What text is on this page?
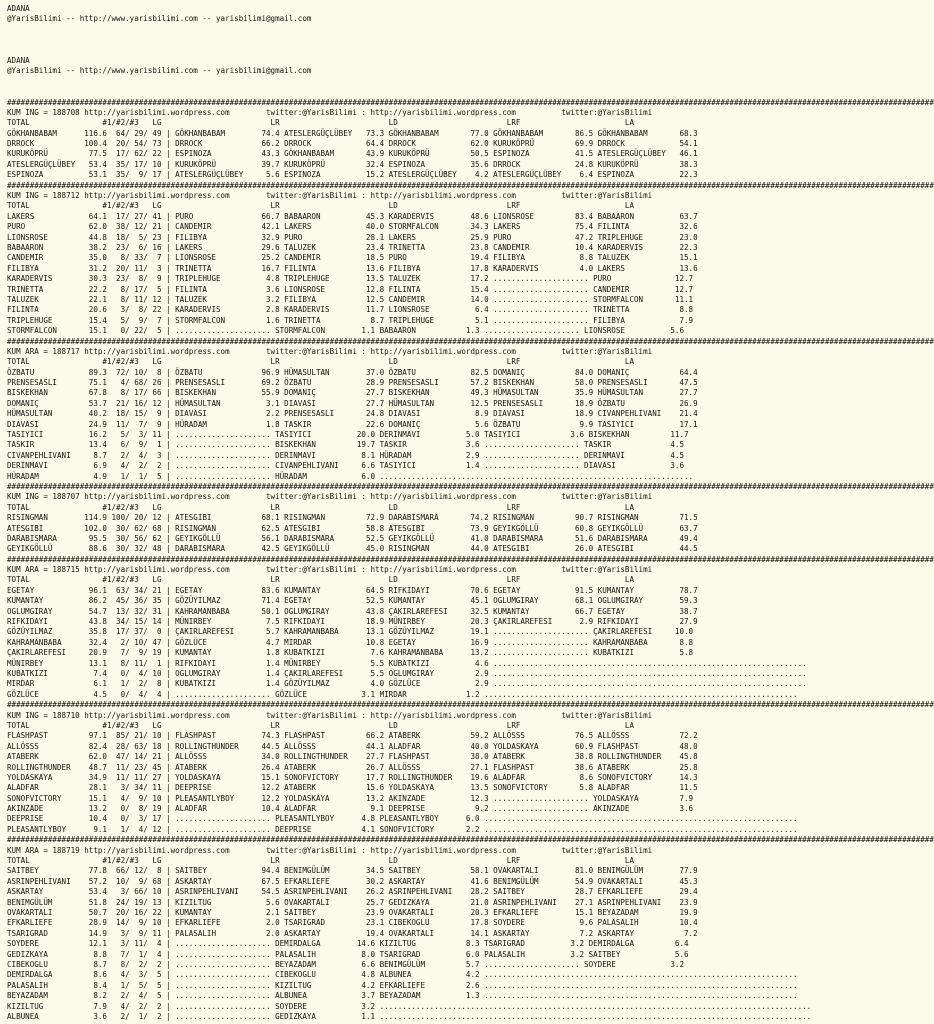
ADANA
@YarisBilimi -- http://www.yarisbilimi.com -- yarisbilimi@gmail.com
ADANA
@YarisBilimi -- http://www.yarisbilimi.com -- yarisbilimi@gmail.com
############################################################################################################################################################################################################
KUM ING = 188708 http://yarisbilimi.wordpress.com        twitter:@YarisBilimi : http://yarisbilimi.wordpress.com          twitter:@YarisBilimi
TOTAL                #1/#2/#3   LG                        LR                        LD                        LRF                       LA
GÖKHANBABAM      116.6  64/ 29/ 49 | GÖKHANBABAM        74.4 ATESLERGÜÇLÜBEY   73.3 GÖKHANBABAM       77.0 GÖKHANBABAM       86.5 GÖKHANBABAM       68.3
DRROCK           100.4  20/ 54/ 73 | DRROCK             66.2 DRROCK            64.4 DRROCK            62.0 KURUKÖPRÜ         69.9 DRROCK            54.1
KURUKÖPRÜ         77.5  17/ 62/ 22 | ESPINOZA           43.3 GÖKHANBABAM       43.9 KURUKÖPRÜ         50.5 ESPINOZA          41.5 ATESLERGÜÇLÜBEY   46.1
ATESLERGÜÇLÜBEY   53.4  35/ 17/ 10 | KURUKÖPRÜ          39.7 KURUKÖPRÜ         32.4 ESPINOZA          35.6 DRROCK            24.8 KURUKÖPRÜ         38.3
ESPINOZA          53.1  35/  9/ 17 | ATESLERGÜÇLÜBEY     5.6 ESPINOZA          15.2 ATESLERGÜÇLÜBEY    4.2 ATESLERGÜÇLÜBEY    6.4 ESPINOZA          22.3
############################################################################################################################################################################################################
KUM ING = 188712 http://yarisbilimi.wordpress.com        twitter:@YarisBilimi : http://yarisbilimi.wordpress.com          twitter:@YarisBilimi
TOTAL                #1/#2/#3   LG                        LR                        LD                        LRF                       LA
LAKERS            64.1  17/ 27/ 41 | PURO               66.7 BABAARON          45.3 KARADERVIS        48.6 LIONSROSE         83.4 BABAARON          63.7
PURO              62.0  38/ 12/ 21 | CANDEMIR           42.1 LAKERS            40.0 STORMFALCON       34.3 LAKERS            75.4 FILINTA           32.6
LIONSROSE         44.8  18/  5/ 23 | FILIBYA            32.9 PURO              28.1 LAKERS            25.9 PURO              47.2 TRIPLEHUGE        23.0
BABAARON          38.2  23/  6/ 16 | LAKERS             29.6 TALUZEK           23.4 TRINETTA          23.8 CANDEMIR          10.4 KARADERVIS        22.3
CANDEMIR          35.0   8/ 33/  7 | LIONSROSE          25.2 CANDEMIR          18.5 PURO              19.4 FILIBYA            8.8 TALUZEK           15.1
FILIBYA           31.2  20/ 11/  3 | TRINETTA           16.7 FILINTA           13.6 FILIBYA           17.8 KARADERVIS         4.0 LAKERS            13.6
KARADERVIS        30.3  23/  8/  9 | TRIPLEHUGE          4.8 TRIPLEHUGE        13.5 TALUZEK           17.2 ..................... PURO              12.7
TRINETTA          22.2   8/ 17/  5 | FILINTA             3.6 LIONSROSE         12.8 FILINTA           15.4 ..................... CANDEMIR          12.7
TALUZEK           22.1   8/ 11/ 12 | TALUZEK             3.2 FILIBYA           12.5 CANDEMIR          14.0 ..................... STORMFALCON       11.1
FILINTA           20.6   3/  8/ 22 | KARADERVIS          2.8 KARADERVIS        11.7 LIONSROSE          6.4 ..................... TRINETTA           8.8
TRIPLEHUGE        15.4   5/  9/  7 | STORMFALCON         1.6 TRINETTA           8.7 TRIPLEHUGE         5.1 ..................... FILIBYA            7.9
STORMFALCON       15.1   0/ 22/  5 | ..................... STORMFALCON        1.1 BABAARON           1.3 ..................... LIONSROSE          5.6
############################################################################################################################################################################################################
KUM ARA = 188717 http://yarisbilimi.wordpress.com        twitter:@YarisBilimi : http://yarisbilimi.wordpress.com          twitter:@YarisBilimi
TOTAL                #1/#2/#3   LG                        LR                        LD                        LRF                       LA
ÖZBATU            89.3  72/ 10/  8 | ÖZBATU             96.9 HÜMASULTAN        37.0 ÖZBATU            82.5 DOMANIÇ           84.0 DOMANIÇ           64.4
PRENSESASLI       75.1   4/ 68/ 26 | PRENSESASLI        69.2 ÖZBATU            28.9 PRENSESASLI       57.2 BISKEKHAN         58.0 PRENSESASLI       47.5
BISKEKHAN         67.8   8/ 17/ 66 | BISKEKHAN          55.9 DOMANIÇ           27.7 BISKEKHAN         49.3 HÜMASULTAN        35.9 HÜMASULTAN        27.7
DOMANIÇ           53.7  21/ 16/ 12 | HÜMASULTAN          3.1 DIAVASI           27.7 HÜMASULTAN        12.5 PRENSESASLI       18.9 ÖZBATU            26.9
HÜMASULTAN        40.2  18/ 15/  9 | DIAVASI             2.2 PRENSESASLI       24.8 DIAVASI            8.9 DIAVASI           18.9 CIVANPEHLIVANI    21.4
DIAVASI           24.9  11/  7/  9 | HÜRADAM             1.8 TASKIR            22.6 DOMANIÇ            5.6 ÖZBATU             9.9 TASIYICI          17.1
TASIYICI          16.2   5/  3/ 11 | ..................... TASIYICI          20.0 DERINMAVI          5.0 TASIYICI           3.6 BISKEKHAN         11.7
TASKIR            13.4   6/  9/  1 | ..................... BISKEKHAN         19.7 TASKIR             3.6 ..................... TASKIR             4.5
CIVANPEHLIVANI     8.7   2/  4/  3 | ..................... DERINMAVI          8.1 HÜRADAM            2.9 ..................... DERINMAVI          4.5
DERINMAVI          6.9   4/  2/  2 | ..................... CIVANPEHLIVANI     6.6 TASIYICI           1.4 ..................... DIAVASI            3.6
HÜRADAM            4.9   1/  1/  5 | ..................... HÜRADAM            6.0 .....................................................................
############################################################################################################################################################################################################
KUM ING = 188707 http://yarisbilimi.wordpress.com        twitter:@YarisBilimi : http://yarisbilimi.wordpress.com          twitter:@YarisBilimi
TOTAL                #1/#2/#3   LG                        LR                        LD                        LRF                       LA
RISINGMAN        114.9 100/ 20/ 12 | ATESGIBI           68.1 RISINGMAN         72.9 DARABISMARA       74.2 RISINGMAN         90.7 RISINGMAN         71.5
ATESGIBI         102.0  30/ 62/ 68 | RISINGMAN          62.5 ATESGIBI          58.8 ATESGIBI          73.9 GEYIKGÖLLÜ        60.8 GEYIKGÖLLÜ        63.7
DARABISMARA       95.5  30/ 56/ 62 | GEYIKGÖLLÜ         56.1 DARABISMARA       52.5 GEYIKGÖLLÜ        41.0 DARABISMARA       51.6 DARABISMARA       49.4
GEYIKGÖLLÜ        88.6  30/ 32/ 48 | DARABISMARA        42.5 GEYIKGÖLLÜ        45.0 RISINGMAN         44.0 ATESGIBI          26.0 ATESGIBI          44.5
############################################################################################################################################################################################################
KUM ARA = 188715 http://yarisbilimi.wordpress.com        twitter:@YarisBilimi : http://yarisbilimi.wordpress.com          twitter:@YarisBilimi
TOTAL                #1/#2/#3   LG                        LR                        LD                        LRF                       LA
EGETAY            96.1  63/ 34/ 21 | EGETAY             83.6 KUMANTAY          64.5 RIFKIDAYI         70.6 EGETAY            91.5 KUMANTAY          78.7
KUMANTAY          86.2  45/ 36/ 35 | GÖZÜYILMAZ         71.4 EGETAY            52.5 KUMANTAY          45.1 OGLUMGIRAY        68.1 OGLUMGIRAY        59.3
OGLUMGIRAY        54.7  13/ 32/ 31 | KAHRAMANBABA       50.1 OGLUMGIRAY        43.8 ÇAKIRLAREFESI     32.5 KUMANTAY          66.7 EGETAY            38.7
RIFKIDAYI         43.8  34/ 15/ 14 | MÜNIRBEY            7.5 RIFKIDAYI         18.9 MÜNIRBEY          20.3 ÇAKIRLAREFESI      2.9 RIFKIDAYI         27.9
GÖZÜYILMAZ        35.8  17/ 37/  0 | ÇAKIRLAREFESI       5.7 KAHRAMANBABA      13.1 GÖZÜYILMAZ        19.1 ..................... ÇAKIRLAREFESI     10.0
KAHRAMANBABA      32.4   2/ 10/ 47 | GÖZLÜCE             4.7 MIRDAR            10.8 EGETAY            16.9 ..................... KAHRAMANBABA       8.8
ÇAKIRLAREFESI     20.9   7/  9/ 19 | KUMANTAY            1.8 KUBATKIZI          7.6 KAHRAMANBABA      13.2 ..................... KUBATKIZI          5.8
MÜNIRBEY          13.1   8/ 11/  1 | RIFKIDAYI           1.4 MÜNIRBEY           5.5 KUBATKIZI          4.6 .....................................................................
KUBATKIZI          7.4   0/  4/ 10 | OGLUMGIRAY          1.4 ÇAKIRLAREFESI      5.5 OGLUMGIRAY         2.9 .....................................................................
MIRDAR             6.1   1/  2/  8 | KUBATKIZI           1.4 GÖZÜYILMAZ         4.0 GÖZLÜCE            2.9 .....................................................................
GÖZLÜCE            4.5   0/  4/  4 | ..................... GÖZLÜCE            3.1 MIRDAR             1.2 .....................................................................
############################################################################################################################################################################################################
KUM ING = 188710 http://yarisbilimi.wordpress.com        twitter:@YarisBilimi : http://yarisbilimi.wordpress.com          twitter:@YarisBilimi
TOTAL                #1/#2/#3   LG                        LR                        LD                        LRF                       LA
FLASHPAST         97.1  85/ 21/ 10 | FLASHPAST          74.3 FLASHPAST         66.2 ATABERK           59.2 ALLÖSSS           76.5 ALLÖSSS           72.2
ALLÖSSS           82.4  28/ 63/ 18 | ROLLINGTHUNDER     44.5 ALLÖSSS           44.1 ALADFAR           40.0 YOLDASKAYA        60.9 FLASHPAST         48.0
ATABERK           62.0  47/ 14/ 21 | ALLÖSSS            34.0 ROLLINGTHUNDER    27.7 FLASHPAST         38.0 ATABERK           38.8 ROLLINGTHUNDER    45.8
ROLLINGTHUNDER    48.7  11/ 23/ 45 | ATABERK            26.4 ATABERK           26.7 ALLÖSSS           27.1 FLASHPAST         38.6 ATABERK           25.8
YOLDASKAYA        34.9  11/ 11/ 27 | YOLDASKAYA         15.1 SONOFVICTORY      17.7 ROLLINGTHUNDER    19.6 ALADFAR            8.6 SONOFVICTORY      14.3
ALADFAR           28.1   3/ 34/ 11 | DEEPRISE           12.2 ATABERK           15.6 YOLDASKAYA        13.5 SONOFVICTORY       5.8 ALADFAR           11.5
SONOFVICTORY      15.1   4/  9/ 10 | PLEASANTLYBOY      12.2 YOLDASKAYA        13.2 AKINZADE          12.3 ..................... YOLDASKAYA         7.9
AKINZADE          13.2   0/  8/ 19 | ALADFAR            10.4 ALADFAR            9.1 DEEPRISE           9.2 ..................... AKINZADE           3.6
DEEPRISE          10.4   0/  3/ 17 | ..................... PLEASANTLYBOY      4.8 PLEASANTLYBOY      6.0 .....................................................................
PLEASANTLYBOY      9.1   1/  4/ 12 | ..................... DEEPRISE           4.1 SONOFVICTORY       2.2 .....................................................................
############################################################################################################################################################################################################
KUM ARA = 188719 http://yarisbilimi.wordpress.com        twitter:@YarisBilimi : http://yarisbilimi.wordpress.com          twitter:@YarisBilimi
TOTAL                #1/#2/#3   LG                        LR                        LD                        LRF                       LA
SAITBEY           77.8  66/ 12/  8 | SAITBEY            94.4 BENIMGÜLÜM        34.5 SAITBEY           58.1 OVAKARTALI        81.0 BENIMGÜLÜM        77.9
ASRINPEHLIVANI    57.2  10/  9/ 68 | ASKARTAY           67.5 EFKARLIEFE        30.2 ASKARTAY          41.6 BENIMGÜLÜM        54.9 OVAKARTALI        45.3
ASKARTAY          53.4   3/ 66/ 10 | ASRINPEHLIVANI     54.5 ASRINPEHLIVANI    26.2 ASRINPEHLIVANI    28.2 SAITBEY           28.7 EFKARLIEFE        29.4
BENIMGÜLÜM        51.8  24/ 19/ 13 | KIZILTUG            5.6 OVAKARTALI        25.7 GEDIZKAYA         21.0 ASRINPEHLIVANI    27.1 ASRINPEHLIVANI    23.9
OVAKARTALI        50.7  20/ 16/ 22 | KUMANTAY            2.1 SAITBEY           23.9 OVAKARTALI        20.3 EFKARLIEFE        15.1 BEYAZADAM         19.9
EFKARLIEFE        28.9  14/  9/ 10 | EFKARLIEFE          2.0 TSARIGRAD         23.1 CIBEKOGLU         17.8 SOYDERE            9.6 PALASALIH         10.4
TSARIGRAD         14.9   3/  9/ 11 | PALASALIH           2.0 ASKARTAY          19.4 OVAKARTALI        14.1 ASKARTAY           7.2 ASKARTAY           7.2
SOYDERE           12.1   3/ 11/  4 | ..................... DEMIRDALGA        14.6 KIZILTUG           8.3 TSARIGRAD          3.2 DEMIRDALGA         6.4
GEDIZKAYA          8.8   7/  1/  4 | ..................... PALASALIH          8.0 TSARIGRAD          6.0 PALASALIH          3.2 SAITBEY            5.6
CIBEKOGLU          8.7   8/  2/  2 | ..................... BEYAZADAM          6.6 BENIMGÜLÜM         5.7 ..................... SOYDERE            3.2
DEMIRDALGA         8.6   4/  3/  5 | ..................... CIBEKOGLU          4.8 ALBUNEA            4.2 .....................................................................
PALASALIH          8.4   1/  5/  5 | ..................... KIZILTUG           4.2 EFKARLIEFE         2.6 .....................................................................
BEYAZADAM          8.2   2/  4/  5 | ..................... ALBUNEA            3.7 BEYAZADAM          1.3 .....................................................................
KIZILTUG           7.9   4/  2/  2 | ..................... SOYDERE            3.2 ...............................................................................................
ALBUNEA            3.6   2/  1/  2 | ..................... GEDIZKAYA          1.1 ...............................................................................................
